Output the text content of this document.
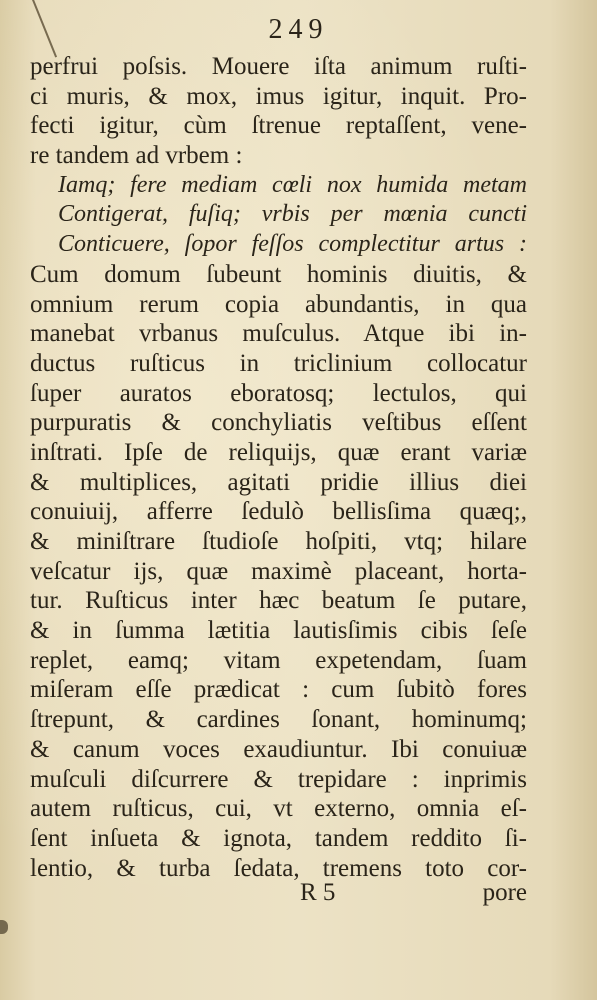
249
perfrui poſsis. Mouere iſta animum ruſti-
ci muris, & mox, imus igitur, inquit. Pro-
fecti igitur, cùm ſtrenue reptaſſent, vene-
re tandem ad vrbem :
Iamq; fere mediam cœli nox humida metam
Contigerat, fuſiq; vrbis per mœnia cuncti
Conticuere, ſopor feſſos complectitur artus :
Cum domum ſubeunt hominis diuitis, &
omnium rerum copia abundantis, in qua
manebat vrbanus muſculus. Atque ibi in-
ductus ruſticus in triclinium collocatur
ſuper auratos eboratosq; lectulos, qui
purpuratis & conchyliatis veſtibus eſſent
inſtrati. Ipſe de reliquijs, quæ erant variæ
& multiplices, agitati pridie illius diei
conuiuij, afferre ſedulò bellisſima quæq;,
& miniſtrare ſtudioſe hoſpiti, vtq; hilare
veſcatur ijs, quæ maximè placeant, horta-
tur. Ruſticus inter hæc beatum ſe putare,
& in ſumma lætitia lautisſimis cibis ſeſe
replet, eamq; vitam expetendam, ſuam
miſeram eſſe prædicat : cum ſubitò fores
ſtrepunt, & cardines ſonant, hominumq;
& canum voces exaudiuntur. Ibi conuiuæ
muſculi diſcurrere & trepidare : inprimis
autem ruſticus, cui, vt externo, omnia eſ-
ſent inſueta & ignota, tandem reddito ſi-
lentio, & turba ſedata, tremens toto cor-
R 5	pore
